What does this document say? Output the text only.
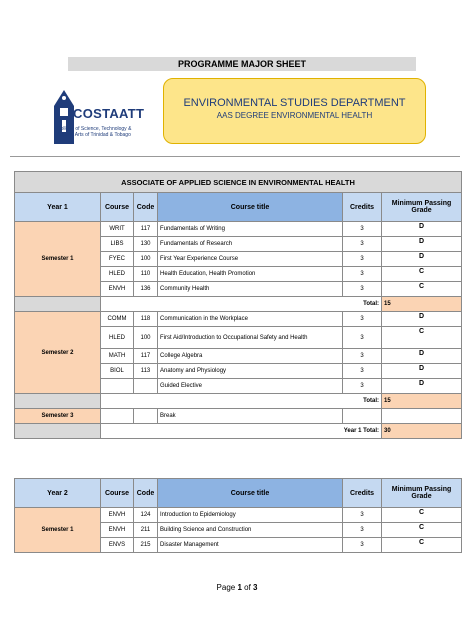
PROGRAMME MAJOR SHEET
COSTAATT
College of Science, Technology & Applied Arts of Trinidad & Tobago
ENVIRONMENTAL STUDIES DEPARTMENT
AAS DEGREE ENVIRONMENTAL HEALTH
ASSOCIATE OF APPLIED SCIENCE IN ENVIRONMENTAL HEALTH						
Year 1	Course	Code	Course title	Credits	Minimum Passing Grade	
Semester 1	WRIT	117	Fundamentals of Writing	3	D	
	LIBS	130	Fundamentals of Research	3	D	
	FYEC	100	First Year Experience Course	3	D	
	HLED	110	Health Education, Health Promotion	3	C	
	ENVH	136	Community Health	3	C	
	Total:				15	
Semester 2	COMM	118	Communication in the Workplace	3	D	
	HLED	100	First Aid/Introduction to Occupational Safety and Health	3	C	
	MATH	117	College Algebra	3	D	
	BIOL	113	Anatomy and Physiology	3	D	
			Guided Elective	3	D	
	Total:				15	
Semester 3			Break			
	Year 1 Total:				30	
Year 2	Course	Code	Course title	Credits	Minimum Passing Grade
Semester 1	ENVH	124	Introduction to Epidemiology	3	C
	ENVH	211	Building Science and Construction	3	C
	ENVS	215	Disaster Management	3	C
Page 1 of 3
